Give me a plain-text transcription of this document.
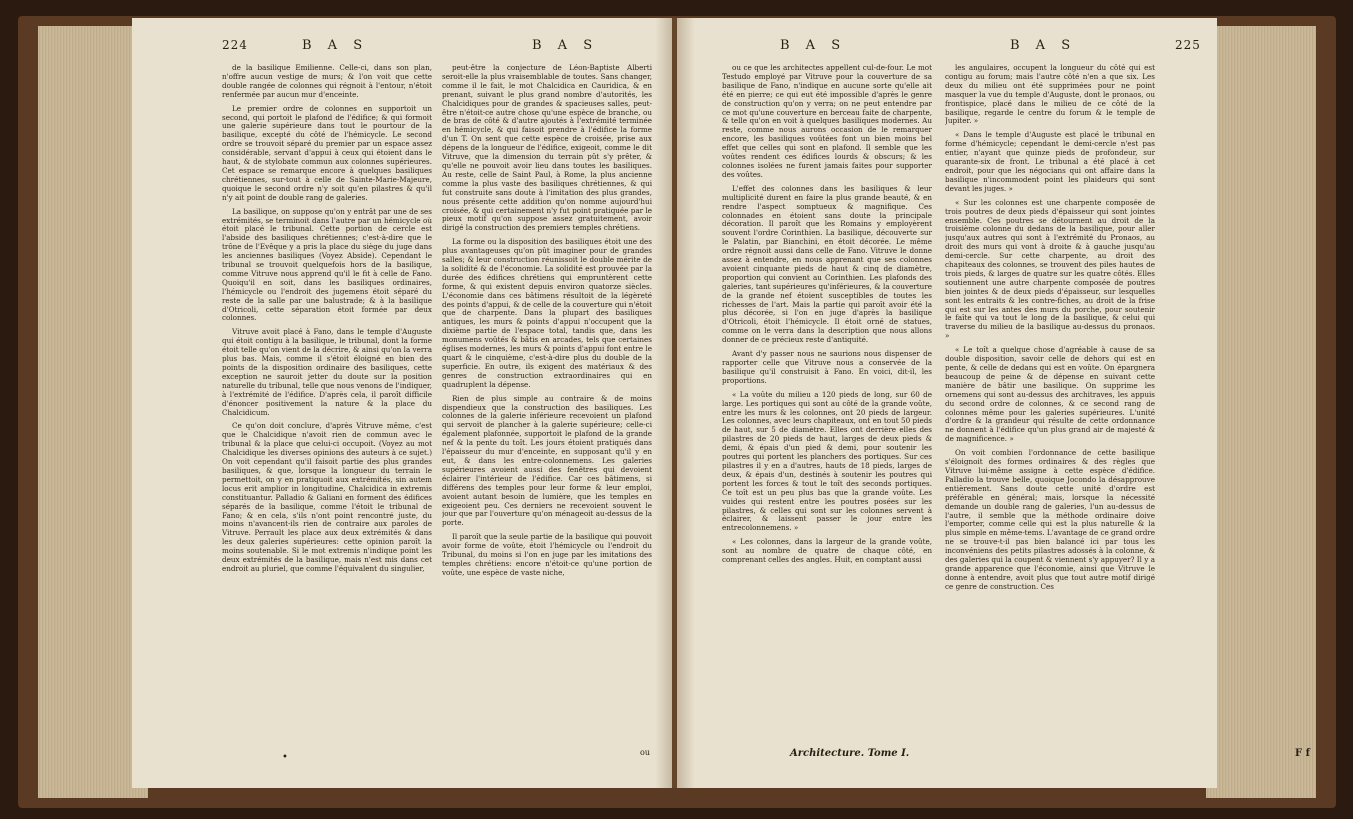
224	B A S	B A S	B A S	B A S	225

de la basilique Emilienne. Celle-ci, dans son plan, n'offre aucun vestige de murs; & l'on voit que cette double rangée de colonnes qui régnoit à l'entour, n'étoit renfermée par aucun mur d'enceinte.

Le premier ordre de colonnes en supportoit un second, qui portoit le plafond de l'édifice; & qui formoit une galerie supérieure dans tout le pourtour de la basilique, excepté du côté de l'hémicycle. Le second ordre se trouvoit séparé du premier par un espace assez considérable, servant d'appui à ceux qui étoient dans le haut, & de stylobate commun aux colonnes supérieures. Cet espace se remarque encore à quelques basiliques chrétiennes, sur-tout à celle de Sainte-Marie-Majeure, quoique le second ordre n'y soit qu'en pilastres & qu'il n'y ait point de double rang de galeries.

La basilique, on suppose qu'on y entrât par une de ses extrémités, se terminoit dans l'autre par un hémicycle où étoit placé le tribunal. Cette portion de cercle est l'abside des basiliques chrétiennes; c'est-à-dire que le trône de l'Evêque y a pris la place du siège du juge dans les anciennes basiliques (Voyez Abside). Cependant le tribunal se trouvoit quelquefois hors de la basilique, comme Vitruve nous apprend qu'il le fit à celle de Fano. Quoiqu'il en soit, dans les basiliques ordinaires, l'hémicycle ou l'endroit des jugemens étoit séparé du reste de la salle par une balustrade; & à la basilique d'Otricoli, cette séparation étoit formée par deux colonnes.

Vitruve avoit placé à Fano, dans le temple d'Auguste qui étoit contigu à la basilique, le tribunal, dont la forme étoit telle qu'on vient de la décrire, & ainsi qu'on la verra plus bas. Mais, comme il s'étoit éloigné en bien des points de la disposition ordinaire des basiliques, cette exception ne sauroit jetter du doute sur la position naturelle du tribunal, telle que nous venons de l'indiquer, à l'extrémité de l'édifice. D'après cela, il paroît difficile d'énoncer positivement la nature & la place du Chalcidicum.

Ce qu'on doit conclure, d'après Vitruve même, c'est que le Chalcidique n'avoit rien de commun avec le tribunal & la place que celui-ci occupoit. (Voyez au mot Chalcidique les diverses opinions des auteurs à ce sujet.) On voit cependant qu'il faisoit partie des plus grandes basiliques, & que, lorsque la longueur du terrain le permettoit, on y en pratiquoit aux extrémités, sin autem locus erit amplior in longitudine, Chalcidica in extremis constituantur. Palladio & Galiani en forment des édifices séparés de la basilique, comme l'étoit le tribunal de Fano; & en cela, s'ils n'ont point rencontré juste, du moins n'avancent-ils rien de contraire aux paroles de Vitruve. Perrault les place aux deux extrémités & dans les deux galeries supérieures: cette opinion paroît la moins soutenable. Si le mot extremis n'indique point les deux extrémités de la basilique, mais n'est mis dans cet endroit au pluriel, que comme l'équivalent du singulier,

peut-être la conjecture de Léon-Baptiste Alberti seroit-elle la plus vraisemblable de toutes. Sans changer, comme il le fait, le mot Chalcidica en Cauridica, & en prenant, suivant le plus grand nombre d'autorités, les Chalcidiques pour de grandes & spacieuses salles, peut-être n'étoit-ce autre chose qu'une espèce de branche, ou de bras de côté & d'autre ajoutés à l'extrémité terminée en hémicycle, & qui faisoit prendre à l'édifice la forme d'un T. On sent que cette espèce de croisée, prise aux dépens de la longueur de l'édifice, exigeoit, comme le dit Vitruve, que la dimension du terrain pût s'y prêter, & qu'elle ne pouvoit avoir lieu dans toutes les basiliques. Au reste, celle de Saint Paul, à Rome, la plus ancienne comme la plus vaste des basiliques chrétiennes, & qui fut construite sans doute à l'imitation des plus grandes, nous présente cette addition qu'on nomme aujourd'hui croisée, & qui certainement n'y fut point pratiquée par le pieux motif qu'on suppose assez gratuitement, avoir dirigé la construction des premiers temples chrétiens.

La forme ou la disposition des basiliques étoit une des plus avantageuses qu'on pût imaginer pour de grandes salles; & leur construction réunissoit le double mérite de la solidité & de l'économie. La solidité est prouvée par la durée des édifices chrétiens qui empruntèrent cette forme, & qui existent depuis environ quatorze siècles. L'économie dans ces bâtimens résultoit de la légèreté des points d'appui, & de celle de la couverture qui n'étoit que de charpente. Dans la plupart des basiliques antiques, les murs & points d'appui n'occupent que la dixième partie de l'espace total, tandis que, dans les monumens voûtés & bâtis en arcades, tels que certaines églises modernes, les murs & points d'appui font entre le quart & le cinquième, c'est-à-dire plus du double de la superficie. En outre, ils exigent des matériaux & des genres de construction extraordinaires qui en quadruplent la dépense.

Rien de plus simple au contraire & de moins dispendieux que la construction des basiliques. Les colonnes de la galerie inférieure recevoient un plafond qui servoit de plancher à la galerie supérieure; celle-ci également plafonnée, supportoit le plafond de la grande nef & la pente du toît. Les jours étoient pratiqués dans l'épaisseur du mur d'enceinte, en supposant qu'il y en eut, & dans les entre-colonnemens. Les galeries supérieures avoient aussi des fenêtres qui devoient éclairer l'intérieur de l'édifice. Car ces bâtimens, si différens des temples pour leur forme & leur emploi, avoient autant besoin de lumière, que les temples en exigeoient peu. Ces derniers ne recevoient souvent le jour que par l'ouverture qu'on ménageoit au-dessus de la porte.

Il paroît que la seule partie de la basilique qui pouvoit avoir forme de voûte, étoit l'hémicycle ou l'endroit du Tribunal, du moins si l'on en juge par les imitations des temples chrétiens: encore n'étoit-ce qu'une portion de voûte, une espèce de vaste niche,

ou ce que les architectes appellent cul-de-four. Le mot Testudo employé par Vitruve pour la couverture de sa basilique de Fano, n'indique en aucune sorte qu'elle ait été en pierre; ce qui eut été impossible d'après le genre de construction qu'on y verra; on ne peut entendre par ce mot qu'une couverture en berceau faite de charpente, & telle qu'on en voit à quelques basiliques modernes. Au reste, comme nous aurons occasion de le remarquer encore, les basiliques voûtées font un bien moins bel effet que celles qui sont en plafond. Il semble que les voûtes rendent ces édifices lourds & obscurs; & les colonnes isolées ne furent jamais faites pour supporter des voûtes.

L'effet des colonnes dans les basiliques & leur multiplicité durent en faire la plus grande beauté, & en rendre l'aspect somptueux & magnifique. Ces colonnades en étoient sans doute la principale décoration. Il paroît que les Romains y employèrent souvent l'ordre Corinthien. La basilique, découverte sur le Palatin, par Bianchini, en étoit décorée. Le même ordre régnoit aussi dans celle de Fano. Vitruve le donne assez à entendre, en nous apprenant que ses colonnes avoient cinquante pieds de haut & cinq de diamètre, proportion qui convient au Corinthien. Les plafonds des galeries, tant supérieures qu'inférieures, & la couverture de la grande nef étoient susceptibles de toutes les richesses de l'art. Mais la partie qui paroît avoir été la plus décorée, si l'on en juge d'après la basilique d'Otricoli, étoit l'hémicycle. Il étoit orné de statues, comme on le verra dans la description que nous allons donner de ce précieux reste d'antiquité.

Avant d'y passer nous ne saurions nous dispenser de rapporter celle que Vitruve nous a conservée de la basilique qu'il construisit à Fano. En voici, dit-il, les proportions.

« La voûte du milieu a 120 pieds de long, sur 60 de large. Les portiques qui sont au côté de la grande voûte, entre les murs & les colonnes, ont 20 pieds de largeur. Les colonnes, avec leurs chapiteaux, ont en tout 50 pieds de haut, sur 5 de diamètre. Elles ont derrière elles des pilastres de 20 pieds de haut, larges de deux pieds & demi, & épais d'un pied & demi, pour soutenir les poutres qui portent les planchers des portiques. Sur ces pilastres il y en a d'autres, hauts de 18 pieds, larges de deux, & épais d'un, destinés à soutenir les poutres qui portent les forces & tout le toît des seconds portiques. Ce toît est un peu plus bas que la grande voûte. Les vuides qui restent entre les poutres posées sur les pilastres, & celles qui sont sur les colonnes servent à éclairer, & laissent passer le jour entre les entrecolonnemens. »

« Les colonnes, dans la largeur de la grande voûte, sont au nombre de quatre de chaque côté, en comprenant celles des angles. Huit, en comptant aussi

les angulaires, occupent la longueur du côté qui est contigu au forum; mais l'autre côté n'en a que six. Les deux du milieu ont été supprimées pour ne point masquer la vue du temple d'Auguste, dont le pronaos, ou frontispice, placé dans le milieu de ce côté de la basilique, regarde le centre du forum & le temple de Jupiter. »

« Dans le temple d'Auguste est placé le tribunal en forme d'hémicycle; cependant le demi-cercle n'est pas entier, n'ayant que quinze pieds de profondeur, sur quarante-six de front. Le tribunal a été placé à cet endroit, pour que les négocians qui ont affaire dans la basilique n'incommodent point les plaideurs qui sont devant les juges. »

« Sur les colonnes est une charpente composée de trois poutres de deux pieds d'épaisseur qui sont jointes ensemble. Ces poutres se détournent au droit de la troisième colonne du dedans de la basilique, pour aller jusqu'aux autres qui sont à l'extrémité du Pronaos, au droit des murs qui vont à droite & à gauche jusqu'au demi-cercle. Sur cette charpente, au droit des chapiteaux des colonnes, se trouvent des piles hautes de trois pieds, & larges de quatre sur les quatre côtés. Elles soutiennent une autre charpente composée de poutres bien jointes & de deux pieds d'épaisseur, sur lesquelles sont les entraits & les contre-fiches, au droit de la frise qui est sur les antes des murs du porche, pour soutenir le faîte qui va tout le long de la basilique, & celui qui traverse du milieu de la basilique au-dessus du pronaos. »

« Le toît a quelque chose d'agréable à cause de sa double disposition, savoir celle de dehors qui est en pente, & celle de dedans qui est en voûte. On épargnera beaucoup de peine & de dépense en suivant cette manière de bâtir une basilique. On supprime les ornemens qui sont au-dessus des architraves, les appuis du second ordre de colonnes, & ce second rang de colonnes même pour les galeries supérieures. L'unité d'ordre & la grandeur qui résulte de cette ordonnance ne donnent à l'édifice qu'un plus grand air de majesté & de magnificence. »

On voit combien l'ordonnance de cette basilique s'éloignoit des formes ordinaires & des règles que Vitruve lui-même assigne à cette espèce d'édifice. Palladio la trouve belle, quoique Jocondo la désapprouve entièrement. Sans doute cette unité d'ordre est préférable en général; mais, lorsque la nécessité demande un double rang de galeries, l'un au-dessus de l'autre, il semble que la méthode ordinaire doive l'emporter, comme celle qui est la plus naturelle & la plus simple en même-tems. L'avantage de ce grand ordre ne se trouve-t-il pas bien balancé ici par tous les inconvéniens des petits pilastres adossés à la colonne, & des galeries qui la coupent & viennent s'y appuyer? Il y a grande apparence que l'économie, ainsi que Vitruve le donne à entendre, avoit plus que tout autre motif dirigé ce genre de construction. Ces

ou
•	Architecture. Tome I.	F f
